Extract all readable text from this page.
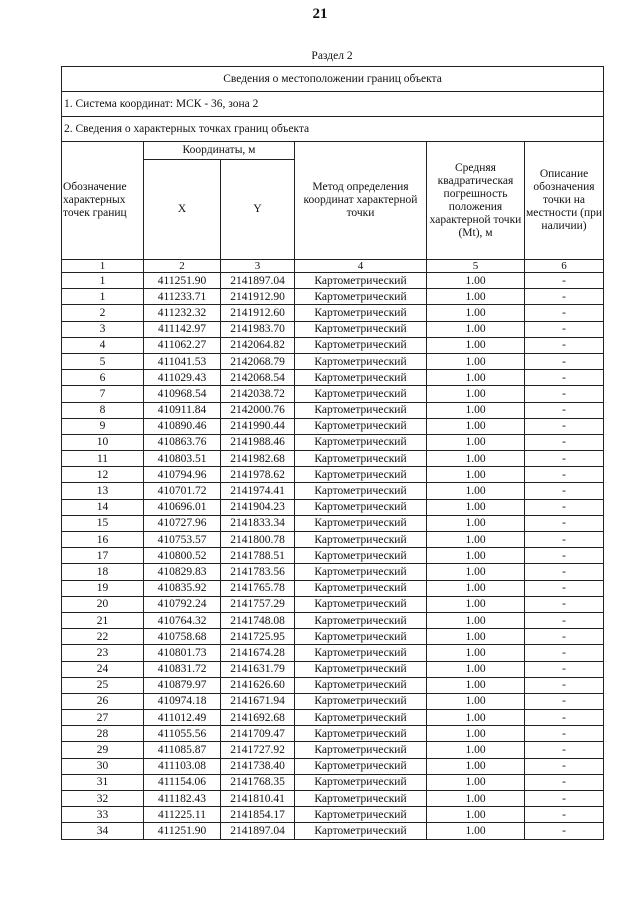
21
Раздел 2
Сведения о местоположении границ объекта					
1. Система координат: МСК - 36, зона 2					
2. Сведения о характерных точках границ объекта					
Обозначение характерных точек границ	Координаты, м		Метод определения координат характерной точки	Средняя квадратическая погрешность положения характерной точки (Mt), м	Описание обозначения точки на местности (при наличии)
	X	Y			
1	2	3	4	5	6
1	411251.90	2141897.04	Картометрический	1.00	-
1	411233.71	2141912.90	Картометрический	1.00	-
2	411232.32	2141912.60	Картометрический	1.00	-
3	411142.97	2141983.70	Картометрический	1.00	-
4	411062.27	2142064.82	Картометрический	1.00	-
5	411041.53	2142068.79	Картометрический	1.00	-
6	411029.43	2142068.54	Картометрический	1.00	-
7	410968.54	2142038.72	Картометрический	1.00	-
8	410911.84	2142000.76	Картометрический	1.00	-
9	410890.46	2141990.44	Картометрический	1.00	-
10	410863.76	2141988.46	Картометрический	1.00	-
11	410803.51	2141982.68	Картометрический	1.00	-
12	410794.96	2141978.62	Картометрический	1.00	-
13	410701.72	2141974.41	Картометрический	1.00	-
14	410696.01	2141904.23	Картометрический	1.00	-
15	410727.96	2141833.34	Картометрический	1.00	-
16	410753.57	2141800.78	Картометрический	1.00	-
17	410800.52	2141788.51	Картометрический	1.00	-
18	410829.83	2141783.56	Картометрический	1.00	-
19	410835.92	2141765.78	Картометрический	1.00	-
20	410792.24	2141757.29	Картометрический	1.00	-
21	410764.32	2141748.08	Картометрический	1.00	-
22	410758.68	2141725.95	Картометрический	1.00	-
23	410801.73	2141674.28	Картометрический	1.00	-
24	410831.72	2141631.79	Картометрический	1.00	-
25	410879.97	2141626.60	Картометрический	1.00	-
26	410974.18	2141671.94	Картометрический	1.00	-
27	411012.49	2141692.68	Картометрический	1.00	-
28	411055.56	2141709.47	Картометрический	1.00	-
29	411085.87	2141727.92	Картометрический	1.00	-
30	411103.08	2141738.40	Картометрический	1.00	-
31	411154.06	2141768.35	Картометрический	1.00	-
32	411182.43	2141810.41	Картометрический	1.00	-
33	411225.11	2141854.17	Картометрический	1.00	-
34	411251.90	2141897.04	Картометрический	1.00	-
